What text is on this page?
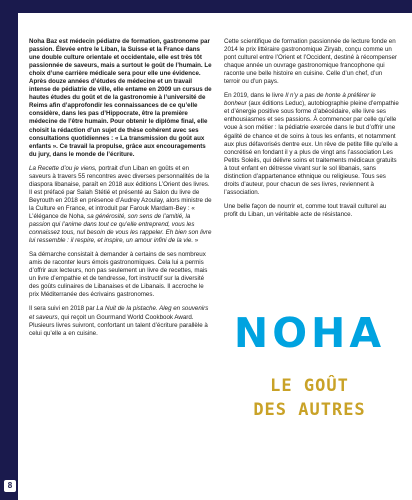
8

Noha Baz est médecin pédiatre de formation, gastronome par passion. Élevée entre le Liban, la Suisse et la France dans une double culture orientale et occidentale, elle est très tôt passionnée de saveurs, mais a surtout le goût de l’humain. Le choix d’une carrière médicale sera pour elle une évidence. Après douze années d’études de médecine et un travail intense de pédiatrie de ville, elle entame en 2009 un cursus de hautes études du goût et de la gastronomie à l’université de Reims afin d’approfondir les connaissances de ce qu’elle considère, dans les pas d’Hippocrate, être la première médecine de l’être humain. Pour obtenir le diplôme final, elle choisit la rédaction d’un sujet de thèse cohérent avec ses consultations quotidiennes : « La transmission du goût aux enfants ». Ce travail la propulse, grâce aux encouragements du jury, dans le monde de l’écriture.

La Recette d’ou je viens, portrait d’un Liban en goûts et en saveurs à travers 55 rencontres avec diverses personnalités de la diaspora libanaise, paraît en 2018 aux éditions L’Orient des livres. Il est préfacé par Salah Stétié et présenté au Salon du livre de Beyrouth en 2018 en présence d’Audrey Azoulay, alors ministre de la Culture en France, et introduit par Farouk Mardam-Bey : « L’élégance de Noha, sa générosité, son sens de l’amitié, la passion qui l’anime dans tout ce qu’elle entreprend, vous les connaissez tous, nul besoin de vous les rappeler. Eh bien son livre lui ressemble : il respire, et inspire, un amour infini de la vie. »

Sa démarche consistait à demander à certains de ses nombreux amis de raconter leurs émois gastronomiques. Cela lui a permis d’offrir aux lecteurs, non pas seulement un livre de recettes, mais un livre d’empathie et de tendresse, fort instructif sur la diversité des goûts culinaires de Libanaises et de Libanais. Il accroche le prix Méditerranée des écrivains gastronomes.

Il sera suivi en 2018 par La Nuit de la pistache. Aleg en souvenirs et saveurs, qui reçoit un Gourmand World Cookbook Award. Plusieurs livres suivront, confortant un talent d’écriture parallèle à celui qu’elle a en cuisine.

Cette scientifique de formation passionnée de lecture fonde en 2014 le prix littéraire gastronomique Ziryab, conçu comme un pont culturel entre l’Orient et l’Occident, destiné à récompenser chaque année un ouvrage gastronomique francophone qui raconte une belle histoire en cuisine. Celle d’un chef, d’un terroir ou d’un pays.

En 2019, dans le livre Il n’y a pas de honte à préférer le bonheur (aux éditions Leduc), autobiographie pleine d’empathie et d’énergie positive sous forme d’abécédaire, elle livre ses enthousiasmes et ses passions. À commencer par celle qu’elle voue à son métier : la pédiatrie exercée dans le but d’offrir une égalité de chance et de soins à tous les enfants, et notamment aux plus défavorisés dentre eux. Un rêve de petite fille qu’elle a concrétisé en fondant il y a plus de vingt ans l’association Les Petits Soleils, qui délivre soins et traitements médicaux gratuits à tout enfant en détresse vivant sur le sol libanais, sans distinction d’appartenance ethnique ou religieuse. Tous ses droits d’auteur, pour chacun de ses livres, reviennent à l’association.

Une belle façon de nourrir et, comme tout travail culturel au profit du Liban, un véritable acte de résistance.

NOHA
LE GOÛT
DES AUTRES
